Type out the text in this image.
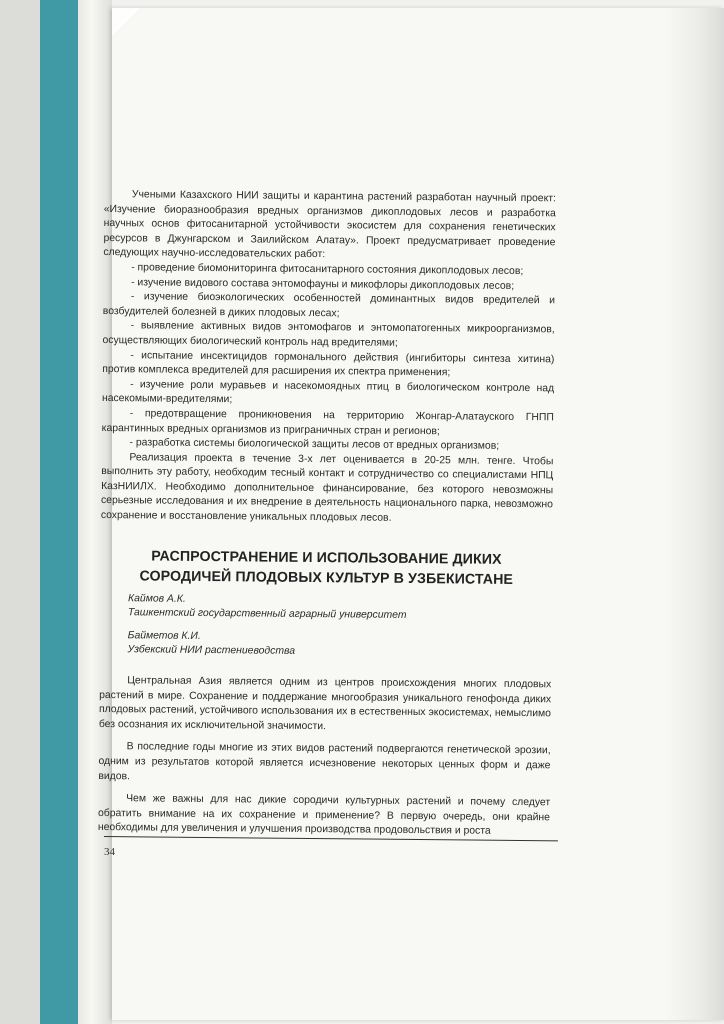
Учеными Казахского НИИ защиты и карантина растений разработан научный проект: «Изучение биоразнообразия вредных организмов дикоплодовых лесов и разработка научных основ фитосанитарной устойчивости экосистем для сохранения генетических ресурсов в Джунгарском и Заилийском Алатау». Проект предусматривает проведение следующих научно-исследовательских работ:

- проведение биомониторинга фитосанитарного состояния дикоплодовых лесов;
- изучение видового состава энтомофауны и микофлоры дикоплодовых лесов;
- изучение биоэкологических особенностей доминантных видов вредителей и возбудителей болезней в диких плодовых лесах;
- выявление активных видов энтомофагов и энтомопатогенных микроорганизмов, осуществляющих биологический контроль над вредителями;
- испытание инсектицидов гормонального действия (ингибиторы синтеза хитина) против комплекса вредителей для расширения их спектра применения;
- изучение роли муравьев и насекомоядных птиц в биологическом контроле над насекомыми-вредителями;
- предотвращение проникновения на территорию Жонгар-Алатауского ГНПП карантинных вредных организмов из приграничных стран и регионов;
- разработка системы биологической защиты лесов от вредных организмов;

Реализация проекта в течение 3-х лет оценивается в 20-25 млн. тенге. Чтобы выполнить эту работу, необходим тесный контакт и сотрудничество со специалистами НПЦ КазНИИЛХ. Необходимо дополнительное финансирование, без которого невозможны серьезные исследования и их внедрение в деятельность национального парка, невозможно сохранение и восстановление уникальных плодовых лесов.

РАСПРОСТРАНЕНИЕ И ИСПОЛЬЗОВАНИЕ ДИКИХ
СОРОДИЧЕЙ ПЛОДОВЫХ КУЛЬТУР В УЗБЕКИСТАНЕ

Каймов А.К.

Ташкентский государственный аграрный университет

Байметов К.И.

Узбекский НИИ растениеводства

Центральная Азия является одним из центров происхождения многих плодовых растений в мире. Сохранение и поддержание многообразия уникального генофонда диких плодовых растений, устойчивого использования их в естественных экосистемах, немыслимо без осознания их исключительной значимости.

В последние годы многие из этих видов растений подвергаются генетической эрозии, одним из результатов которой является исчезновение некоторых ценных форм и даже видов.

Чем же важны для нас дикие сородичи культурных растений и почему следует обратить внимание на их сохранение и применение? В первую очередь, они крайне необходимы для увеличения и улучшения производства продовольствия и роста

34
